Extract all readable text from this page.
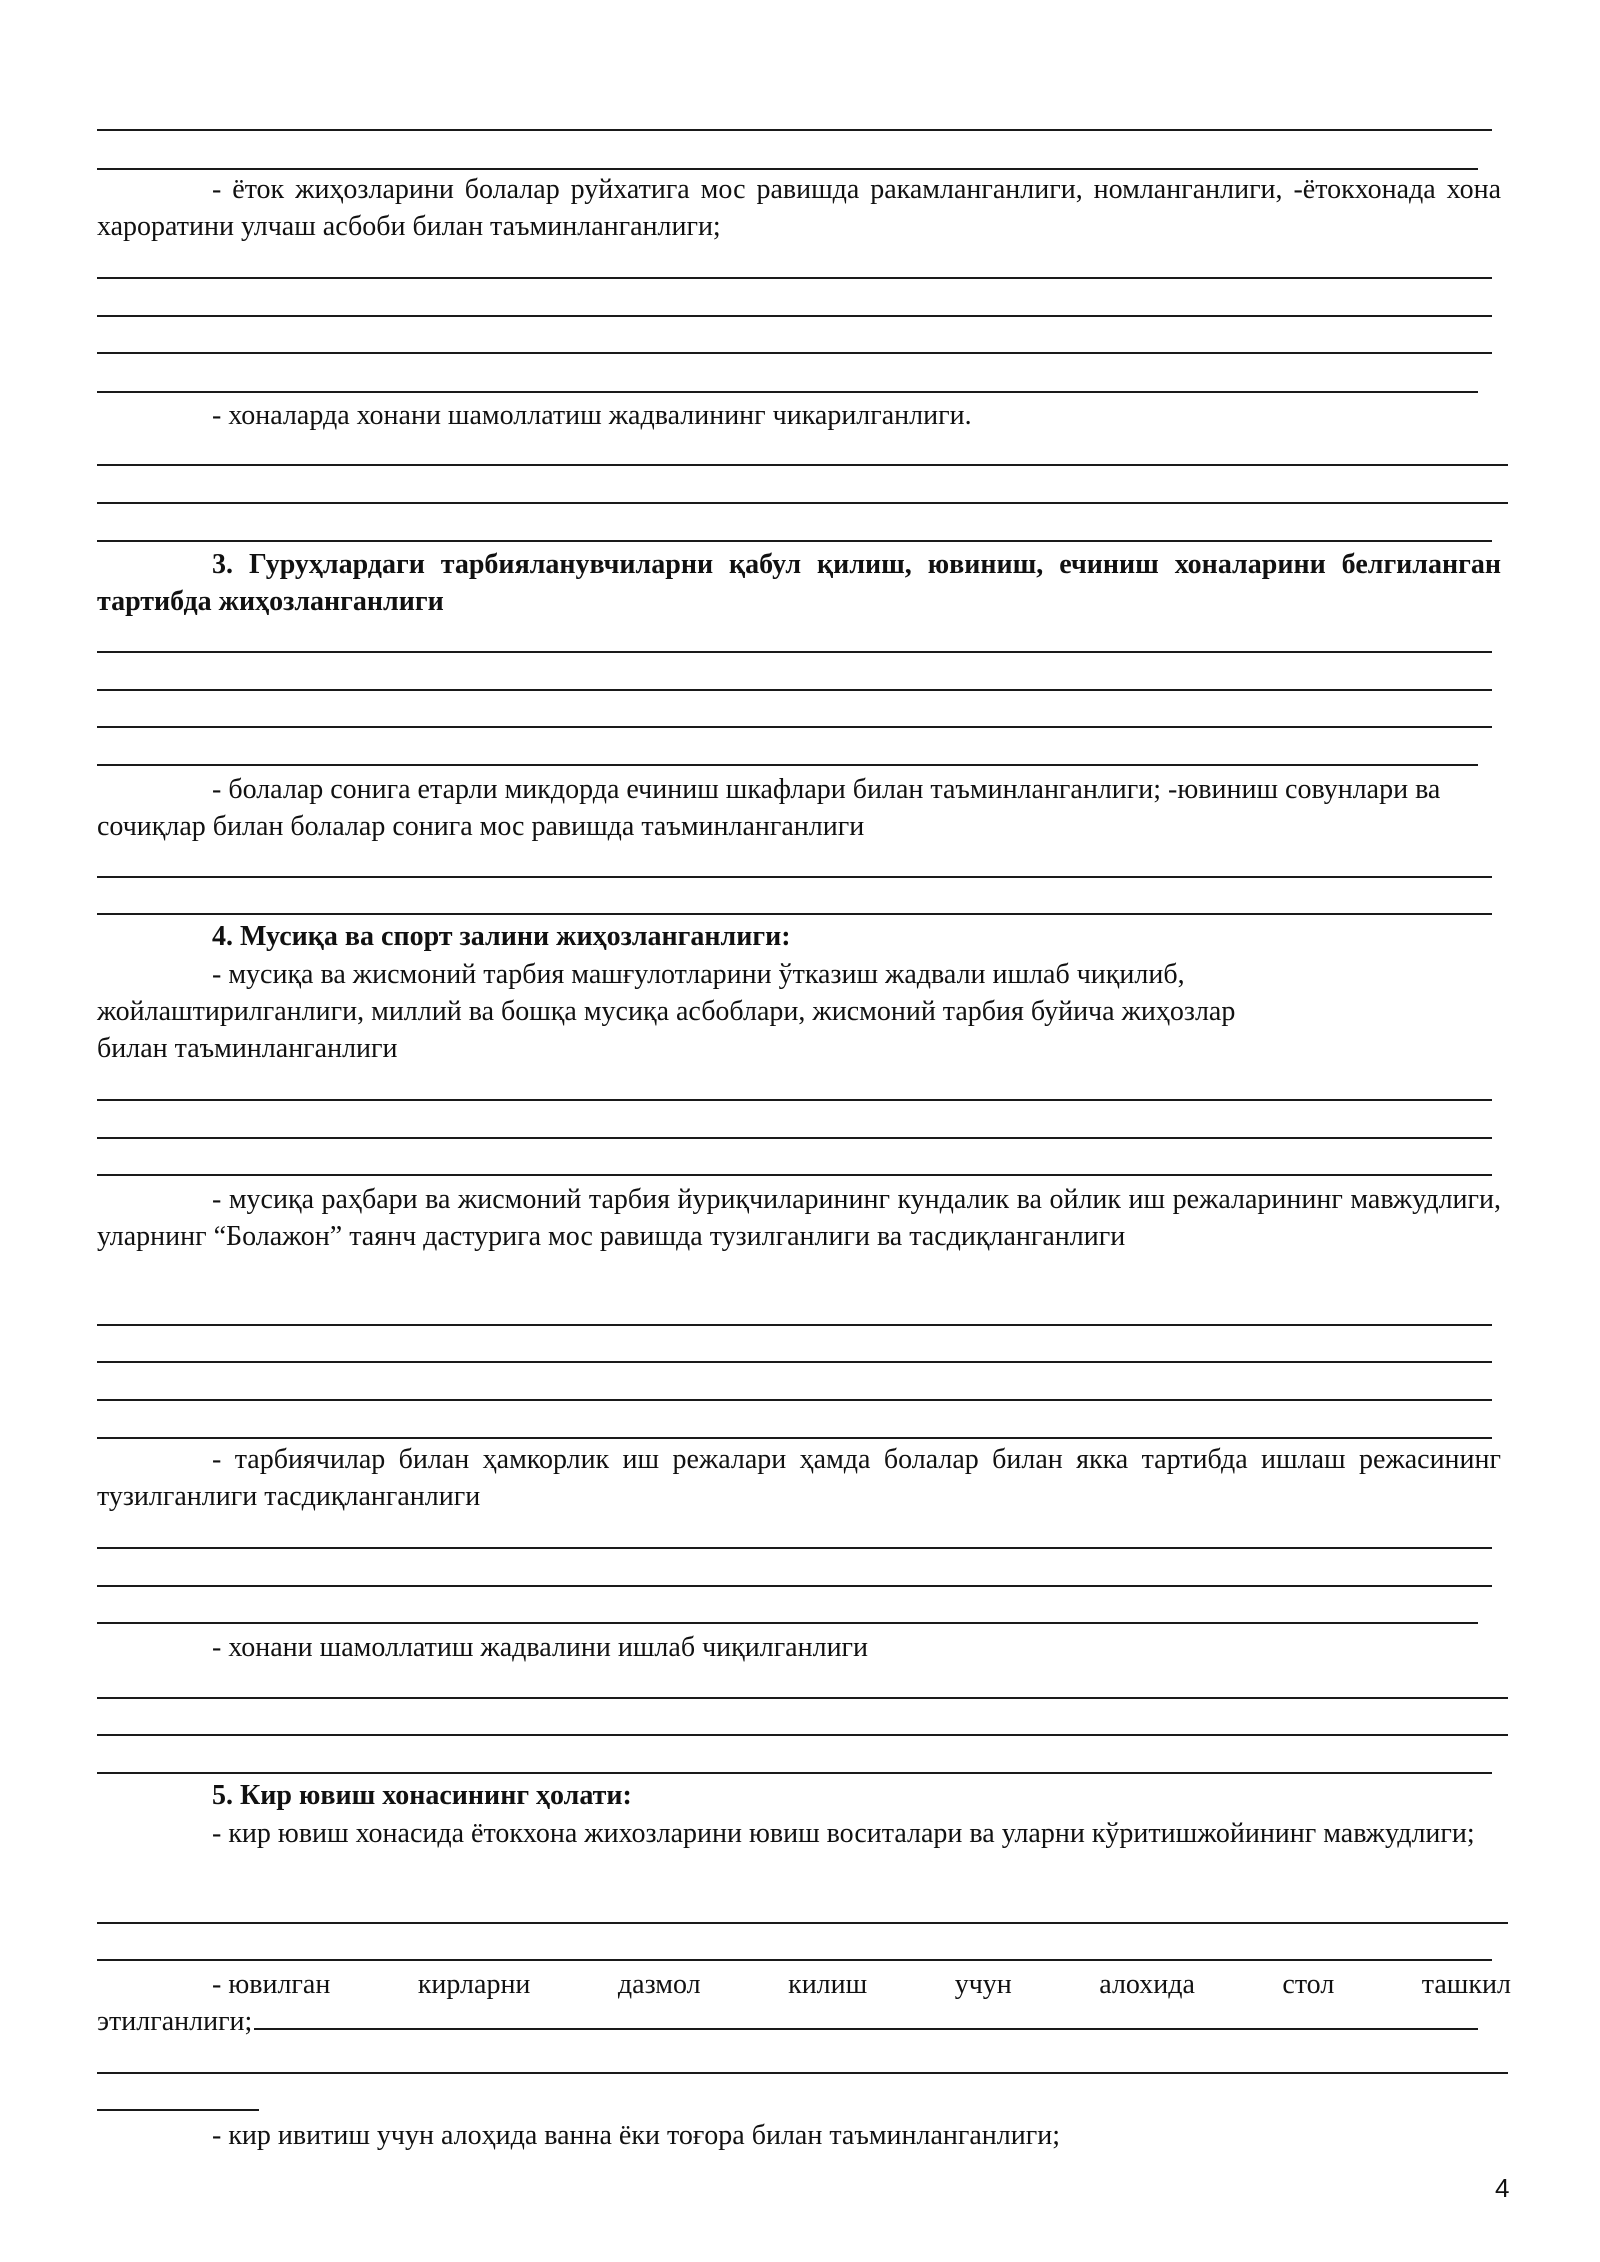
- ёток жиҳозларини болалар руйхатига мос равишда ракамланганлиги, номланганлиги, -ётокхонада хона хароратини улчаш асбоби билан таъминланганлиги;

- хоналарда хонани шамоллатиш жадвалининг чикарилганлиги.

3. Гуруҳлардаги тарбияланувчиларни қабул қилиш, ювиниш, ечиниш хоналарини белгиланган тартибда жиҳозланганлиги

- болалар сонига етарли микдорда ечиниш шкафлари билан таъминланганлиги; -ювиниш совунлари ва сочиқлар билан болалар сонига мос равишда таъминланганлиги

4. Мусиқа ва спорт залини жиҳозланганлиги:

- мусиқа ва жисмоний тарбия машғулотларини ўтказиш жадвали ишлаб чиқилиб,
жойлаштирилганлиги, миллий ва бошқа мусиқа асбоблари, жисмоний тарбия буйича жиҳозлар
билан таъминланганлиги

- мусиқа раҳбари ва жисмоний тарбия йуриқчиларининг кундалик ва ойлик иш режаларининг мавжудлиги, уларнинг “Болажон” таянч дастурига мос равишда тузилганлиги ва тасдиқланганлиги

- тарбиячилар билан ҳамкорлик иш режалари ҳамда болалар билан якка тартибда ишлаш режасининг тузилганлиги тасдиқланганлиги

- хонани шамоллатиш жадвалини ишлаб чиқилганлиги

5. Кир ювиш хонасининг ҳолати:

- кир ювиш хонасида ётокхона жихозларини ювиш воситалари ва уларни кўритишжойининг мавжудлиги;

- ювилган	кирларни	дазмол	килиш	учун	алохида	стол	ташкил
этилганлиги;

- кир ивитиш учун алоҳида ванна ёки тоғора билан таъминланганлиги;

4
